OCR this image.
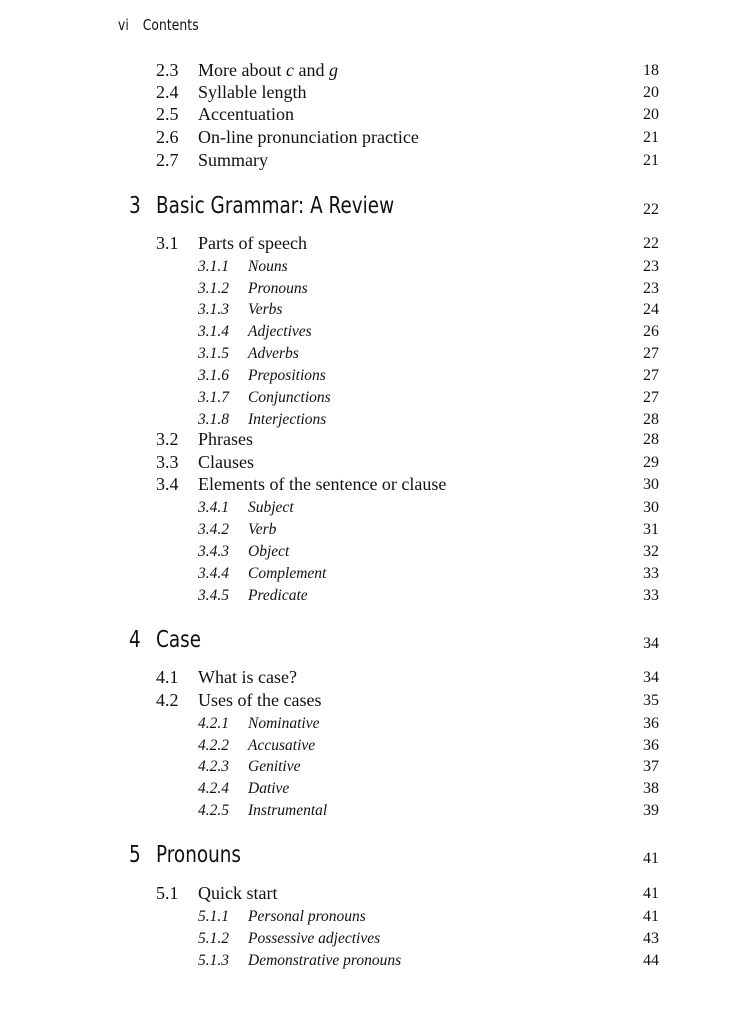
vi Contents
2.3 More about c and g	18
2.4 Syllable length	20
2.5 Accentuation	20
2.6 On-line pronunciation practice	21
2.7 Summary	21
3 Basic Grammar: A Review	22
3.1 Parts of speech	22
3.1.1 Nouns	23
3.1.2 Pronouns	23
3.1.3 Verbs	24
3.1.4 Adjectives	26
3.1.5 Adverbs	27
3.1.6 Prepositions	27
3.1.7 Conjunctions	27
3.1.8 Interjections	28
3.2 Phrases	28
3.3 Clauses	29
3.4 Elements of the sentence or clause	30
3.4.1 Subject	30
3.4.2 Verb	31
3.4.3 Object	32
3.4.4 Complement	33
3.4.5 Predicate	33
4 Case	34
4.1 What is case?	34
4.2 Uses of the cases	35
4.2.1 Nominative	36
4.2.2 Accusative	36
4.2.3 Genitive	37
4.2.4 Dative	38
4.2.5 Instrumental	39
5 Pronouns	41
5.1 Quick start	41
5.1.1 Personal pronouns	41
5.1.2 Possessive adjectives	43
5.1.3 Demonstrative pronouns	44
